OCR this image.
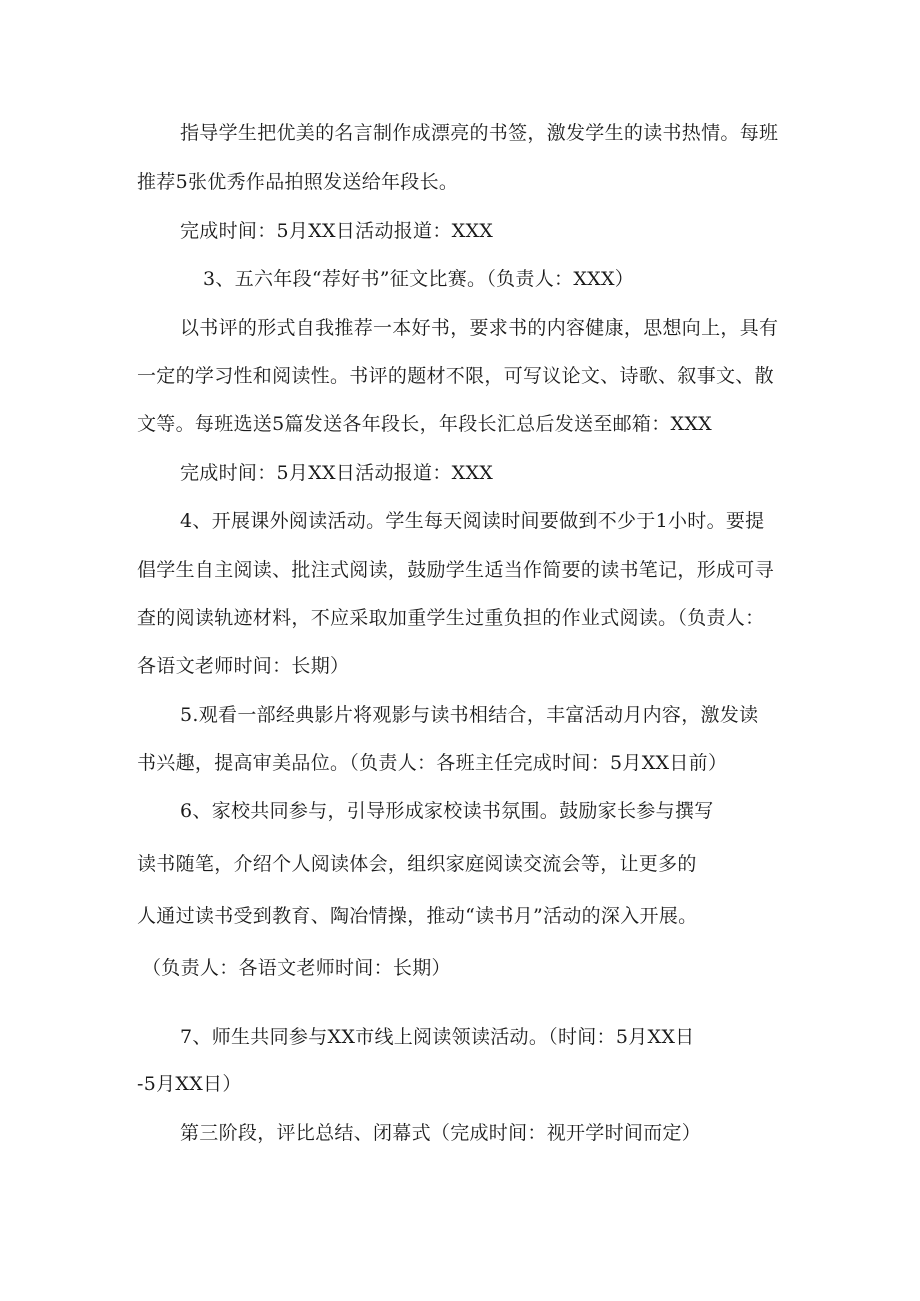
指导学生把优美的名言制作成漂亮的书签，激发学生的读书热情。每班
推荐5张优秀作品拍照发送给年段长。
完成时间：5月XX日活动报道：XXX
3、五六年段“荐好书”征文比赛。（负责人：XXX）
以书评的形式自我推荐一本好书，要求书的内容健康，思想向上，具有
一定的学习性和阅读性。书评的题材不限，可写议论文、诗歌、叙事文、散
文等。每班选送5篇发送各年段长，年段长汇总后发送至邮箱：XXX
完成时间：5月XX日活动报道：XXX
4、开展课外阅读活动。学生每天阅读时间要做到不少于1小时。要提
倡学生自主阅读、批注式阅读，鼓励学生适当作简要的读书笔记，形成可寻
查的阅读轨迹材料，不应采取加重学生过重负担的作业式阅读。（负责人：
各语文老师时间：长期）
5.观看一部经典影片将观影与读书相结合，丰富活动月内容，激发读
书兴趣，提高审美品位。（负责人：各班主任完成时间：5月XX日前）
6、家校共同参与，引导形成家校读书氛围。鼓励家长参与撰写
读书随笔，介绍个人阅读体会，组织家庭阅读交流会等，让更多的
人通过读书受到教育、陶冶情操，推动“读书月”活动的深入开展。
（负责人：各语文老师时间：长期）
7、师生共同参与XX市线上阅读领读活动。（时间：5月XX日
-5月XX日）
第三阶段，评比总结、闭幕式（完成时间：视开学时间而定）
